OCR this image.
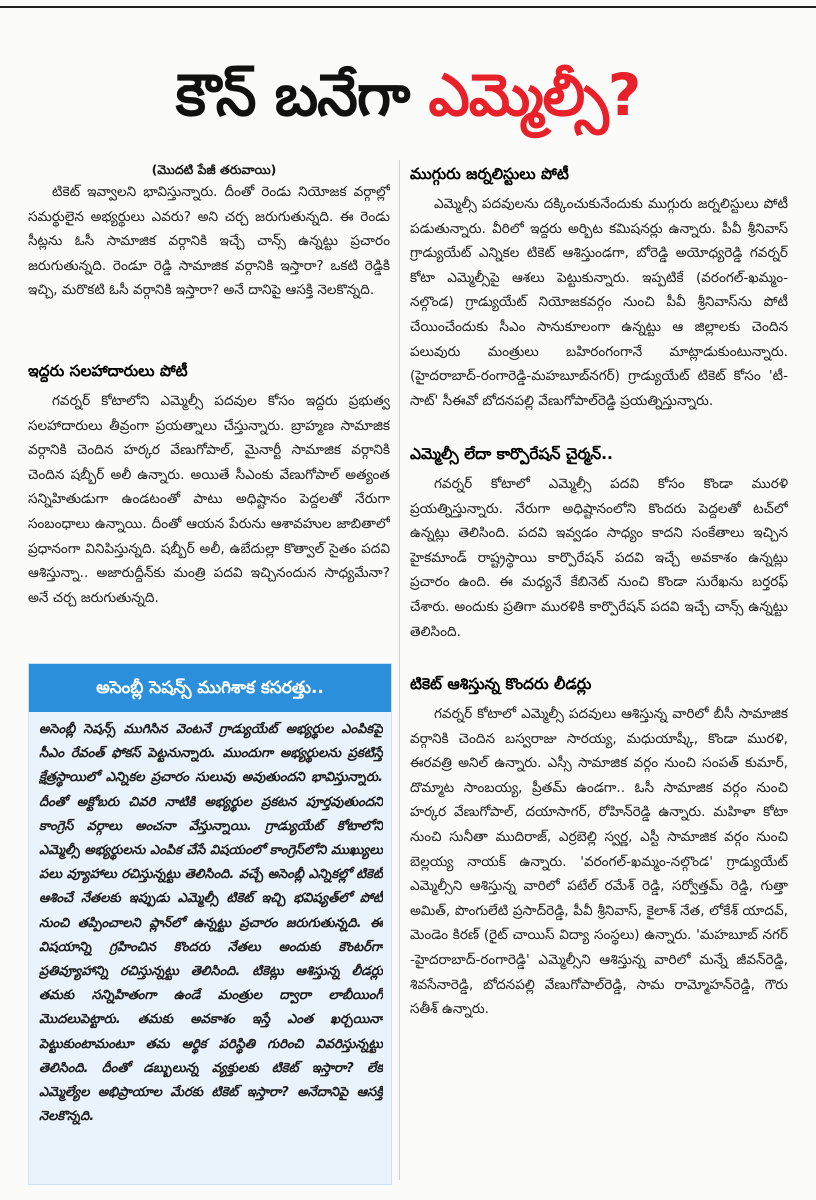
కౌన్ బనేగా ఎమ్మెల్సీ?
(మొదటి పేజీ తరువాయి)

టికెట్ ఇవ్వాలని భావిస్తున్నారు. దీంతో రెండు నియోజక వర్గాల్లో సమర్థులైన అభ్యర్థులు ఎవరు? అని చర్చ జరుగుతున్నది. ఈ రెండు సీట్లను ఓసీ సామాజిక వర్గానికి ఇచ్చే చాన్స్ ఉన్నట్టు ప్రచారం జరుగుతున్నది. రెండూ రెడ్డి సామాజిక వర్గానికి ఇస్తారా? ఒకటి రెడ్డికి ఇచ్చి, మరొకటి ఓసీ వర్గానికి ఇస్తారా? అనే దానిపై ఆసక్తి నెలకొన్నది.

ఇద్దరు సలహాదారులు పోటీ

గవర్నర్ కోటాలోని ఎమ్మెల్సీ పదవుల కోసం ఇద్దరు ప్రభుత్వ సలహాదారులు తీవ్రంగా ప్రయత్నాలు చేస్తున్నారు. బ్రాహ్మణ సామాజిక వర్గానికి చెందిన హర్కర వేణుగోపాల్, మైనార్టీ సామాజిక వర్గానికి చెందిన షబ్బీర్ అలీ ఉన్నారు. అయితే సీఎంకు వేణుగోపాల్ అత్యంత సన్నిహితుడుగా ఉండటంతో పాటు అధిష్టానం పెద్దలతో నేరుగా సంబంధాలు ఉన్నాయి. దీంతో ఆయన పేరును ఆశావహుల జాబితాలో ప్రధానంగా వినిపిస్తున్నది. షబ్బీర్ అలీ, ఉబేదుల్లా కొత్వాల్ సైతం పదవి ఆశిస్తున్నా.. అజారుద్దీన్‌కు మంత్రి పదవి ఇచ్చినందున సాధ్యమేనా? అనే చర్చ జరుగుతున్నది.

అసెంబ్లీ సెషన్స్ ముగిశాక కసరత్తు..
అసెంబ్లీ సెషన్స్ ముగిసిన వెంటనే గ్రాడ్యుయేట్ అభ్యర్థుల ఎంపికపై సీఎం రేవంత్ ఫోకస్ పెట్టనున్నారు. ముందుగా అభ్యర్థులను ప్రకటిస్తే క్షేత్రస్థాయిలో ఎన్నికల ప్రచారం సులువు అవుతుందని భావిస్తున్నారు. దీంతో అక్టోబరు చివరి నాటికి అభ్యర్థుల ప్రకటన పూర్తవుతుందని కాంగ్రెస్ వర్గాలు అంచనా వేస్తున్నాయి. గ్రాడ్యుయేట్ కోటాలోని ఎమ్మెల్సీ అభ్యర్థులను ఎంపిక చేసే విషయంలో కాంగ్రెస్‌లోని ముఖ్యులు పలు వ్యూహాలు రచిస్తున్నట్టు తెలిసింది. వచ్చే అసెంబ్లీ ఎన్నికల్లో టికెట్ ఆశించే నేతలకు ఇప్పుడు ఎమ్మెల్సీ టికెట్ ఇచ్చి భవిష్యత్‌లో పోటీ నుంచి తప్పించాలని ప్లాన్‌లో ఉన్నట్టు ప్రచారం జరుగుతున్నది. ఈ విషయాన్ని గ్రహించిన కొందరు నేతలు అందుకు కౌంటర్‌గా ప్రతివ్యూహాన్ని రచిస్తున్నట్టు తెలిసింది. టికెట్లు ఆశిస్తున్న లీడర్లు తమకు సన్నిహితంగా ఉండే మంత్రుల ద్వారా లాబీయింగ్ మొదలుపెట్టారు. తమకు అవకాశం ఇస్తే ఎంత ఖర్చయినా పెట్టుకుంటామంటూ తమ ఆర్థిక పరిస్థితి గురించి వివరిస్తున్నట్టు తెలిసింది. దీంతో డబ్బులున్న వ్యక్తులకు టికెట్ ఇస్తారా? లేక ఎమ్మెల్యేల అభిప్రాయాల మేరకు టికెట్ ఇస్తారా? అనేదానిపై ఆసక్తి నెలకొన్నది.
ముగ్గురు జర్నలిస్టులు పోటీ

ఎమ్మెల్సీ పదవులను దక్కించుకునేందుకు ముగ్గురు జర్నలిస్టులు పోటీ పడుతున్నారు. వీరిలో ఇద్దరు అర్బిట కమిషనర్లు ఉన్నారు. పీవీ శ్రీనివాస్ గ్రాడ్యుయేట్ ఎన్నికల టికెట్ ఆశిస్తుండగా, బోరెడ్డి అయోధ్యరెడ్డి గవర్నర్ కోటా ఎమ్మెల్సీపై ఆశలు పెట్టుకున్నారు. ఇప్పటికే (వరంగల్-ఖమ్మం-నల్గొండ) గ్రాడ్యుయేట్ నియోజకవర్గం నుంచి పీవీ శ్రీనివాస్‌ను పోటీ చేయించేందుకు సీఎం సానుకూలంగా ఉన్నట్టు ఆ జిల్లాలకు చెందిన పలువురు మంత్రులు బహిరంగంగానే మాట్లాడుకుంటున్నారు. (హైదరాబాద్-రంగారెడ్డి-మహబూబ్‌నగర్) గ్రాడ్యుయేట్ టికెట్ కోసం 'టీ-సాట్' సీఈవో బోదనపల్లి వేణుగోపాల్‌రెడ్డి ప్రయత్నిస్తున్నారు.

ఎమ్మెల్సీ లేదా కార్పొరేషన్ చైర్మన్..

గవర్నర్ కోటాలో ఎమ్మెల్సీ పదవి కోసం కొండా మురళి ప్రయత్నిస్తున్నారు. నేరుగా అధిష్టానంలోని కొందరు పెద్దలతో టచ్‌లో ఉన్నట్లు తెలిసింది. పదవి ఇవ్వడం సాధ్యం కాదని సంకేతాలు ఇచ్చిన హైకమాండ్ రాష్ట్రస్థాయి కార్పొరేషన్ పదవి ఇచ్చే అవకాశం ఉన్నట్లు ప్రచారం ఉంది. ఈ మధ్యనే కేబినెట్ నుంచి కొండా సురేఖను బర్తరఫ్ చేశారు. అందుకు ప్రతిగా మురళికి కార్పొరేషన్ పదవి ఇచ్చే చాన్స్ ఉన్నట్టు తెలిసింది.

టికెట్ ఆశిస్తున్న కొందరు లీడర్లు

గవర్నర్ కోటాలో ఎమ్మెల్సీ పదవులు ఆశిస్తున్న వారిలో బీసీ సామాజిక వర్గానికి చెందిన బస్వరాజు సారయ్య, మధుయాష్కీ, కొండా మురళి, ఈరవత్రి అనిల్ ఉన్నారు. ఎస్సీ సామాజిక వర్గం నుంచి సంపత్ కుమార్, దొమ్మాట సాంబయ్య, ప్రీతమ్ ఉండగా.. ఓసీ సామాజిక వర్గం నుంచి హర్కర వేణుగోపాల్, దయాసాగర్, రోహిన్‌రెడ్డి ఉన్నారు. మహిళా కోటా నుంచి సునీతా ముదిరాజ్, ఎర్రబెల్లి స్వర్ణ, ఎస్టీ సామాజిక వర్గం నుంచి బెల్లయ్య నాయక్ ఉన్నారు. 'వరంగల్-ఖమ్మం-నల్గొండ' గ్రాడ్యుయేట్ ఎమ్మెల్సీని ఆశిస్తున్న వారిలో పటేల్ రమేశ్ రెడ్డి, సర్వోత్తమ్ రెడ్డి, గుత్తా అమిత్, పొంగులేటి ప్రసాద్‌రెడ్డి, పీవీ శ్రీనివాస్, కైలాశ్ నేత, లోకేశ్ యాదవ్, మెండెం కిరణ్ (రైట్ చాయిస్ విద్యా సంస్థలు) ఉన్నారు. 'మహబూబ్ నగర్ -హైదరాబాద్-రంగారెడ్డి' ఎమ్మెల్సీని ఆశిస్తున్న వారిలో మన్నే జీవన్‌రెడ్డి, శివసేనారెడ్డి, బోదనపల్లి వేణుగోపాల్‌రెడ్డి, సామ రామ్మోహన్‌రెడ్డి, గౌరు సతీశ్ ఉన్నారు.
